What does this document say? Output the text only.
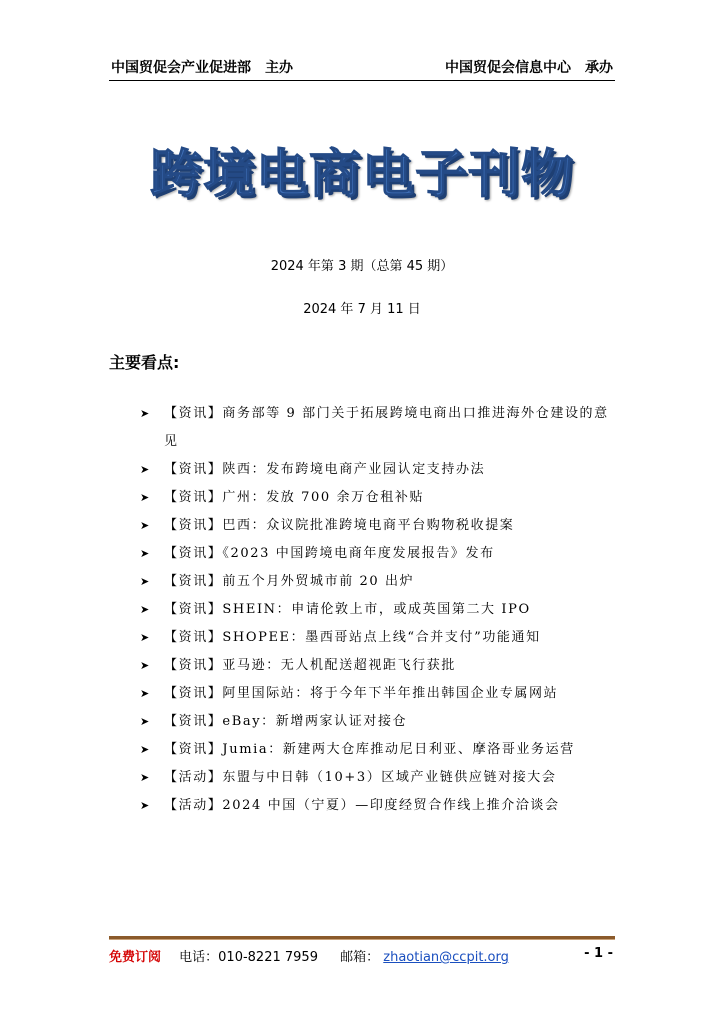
中国贸促会产业促进部　主办	中国贸促会信息中心　承办
跨境电商电子刊物
2024 年第 3 期（总第 45 期）
2024 年 7 月 11 日
主要看点:
➤ 【资讯】商务部等 9 部门关于拓展跨境电商出口推进海外仓建设的意见
➤ 【资讯】陕西：发布跨境电商产业园认定支持办法
➤ 【资讯】广州：发放 700 余万仓租补贴
➤ 【资讯】巴西：众议院批准跨境电商平台购物税收提案
➤ 【资讯】《2023 中国跨境电商年度发展报告》发布
➤ 【资讯】前五个月外贸城市前 20 出炉
➤ 【资讯】SHEIN：申请伦敦上市，或成英国第二大 IPO
➤ 【资讯】SHOPEE：墨西哥站点上线“合并支付”功能通知
➤ 【资讯】亚马逊：无人机配送超视距飞行获批
➤ 【资讯】阿里国际站：将于今年下半年推出韩国企业专属网站
➤ 【资讯】eBay：新增两家认证对接仓
➤ 【资讯】Jumia：新建两大仓库推动尼日利亚、摩洛哥业务运营
➤ 【活动】东盟与中日韩（10+3）区域产业链供应链对接大会
➤ 【活动】2024 中国（宁夏）—印度经贸合作线上推介洽谈会
免费订阅 电话：010-8221 7959 邮箱： zhaotian@ccpit.org	- 1 -
